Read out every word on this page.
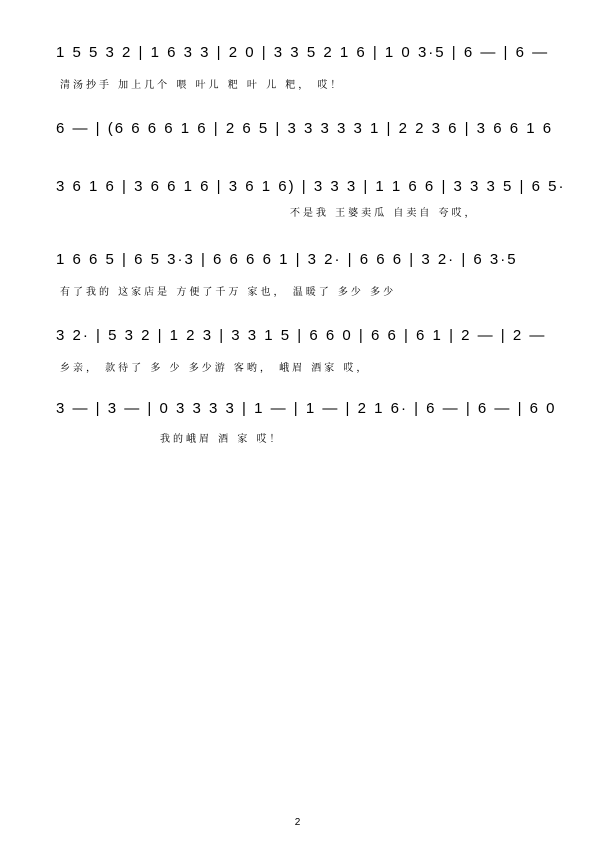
1 5 5 3 2 | 1 6 3 3 | 2 0 | 3 3 5 2 1 6 | 1 0 3·5 | 6 — | 6 —
清汤抄手 加上几个 喂 叶儿 粑 叶 儿 粑， 哎！
6 — | (6 6 6 6 1 6 | 2 6 5 | 3 3 3 3 3 1 | 2 2 3 6 | 3 6 6 1 6
3 6 1 6 | 3 6 6 1 6 | 3 6 1 6) | 3 3 3 | 1 1 6 6 | 3 3 3 5 | 6 5·
不是我 王婆卖瓜 自卖自 夸哎，
1 6 6 5 | 6 5 3·3 | 6 6 6 6 1 | 3 2· | 6 6 6 | 3 2· | 6 3·5
有了我的 这家店是 方便了千万 家也， 温暖了 多少 多少
3 2· | 5 3 2 | 1 2 3 | 3 3 1 5 | 6 6 0 | 6 6 | 6 1 | 2 — | 2 —
乡亲， 款待了 多 少 多少游 客哟， 峨眉 酒家 哎，
3 — | 3 — | 0 3 3 3 3 | 1 — | 1 — | 2 1 6· | 6 — | 6 — | 6 0
我的峨眉 酒 家 哎！
2
